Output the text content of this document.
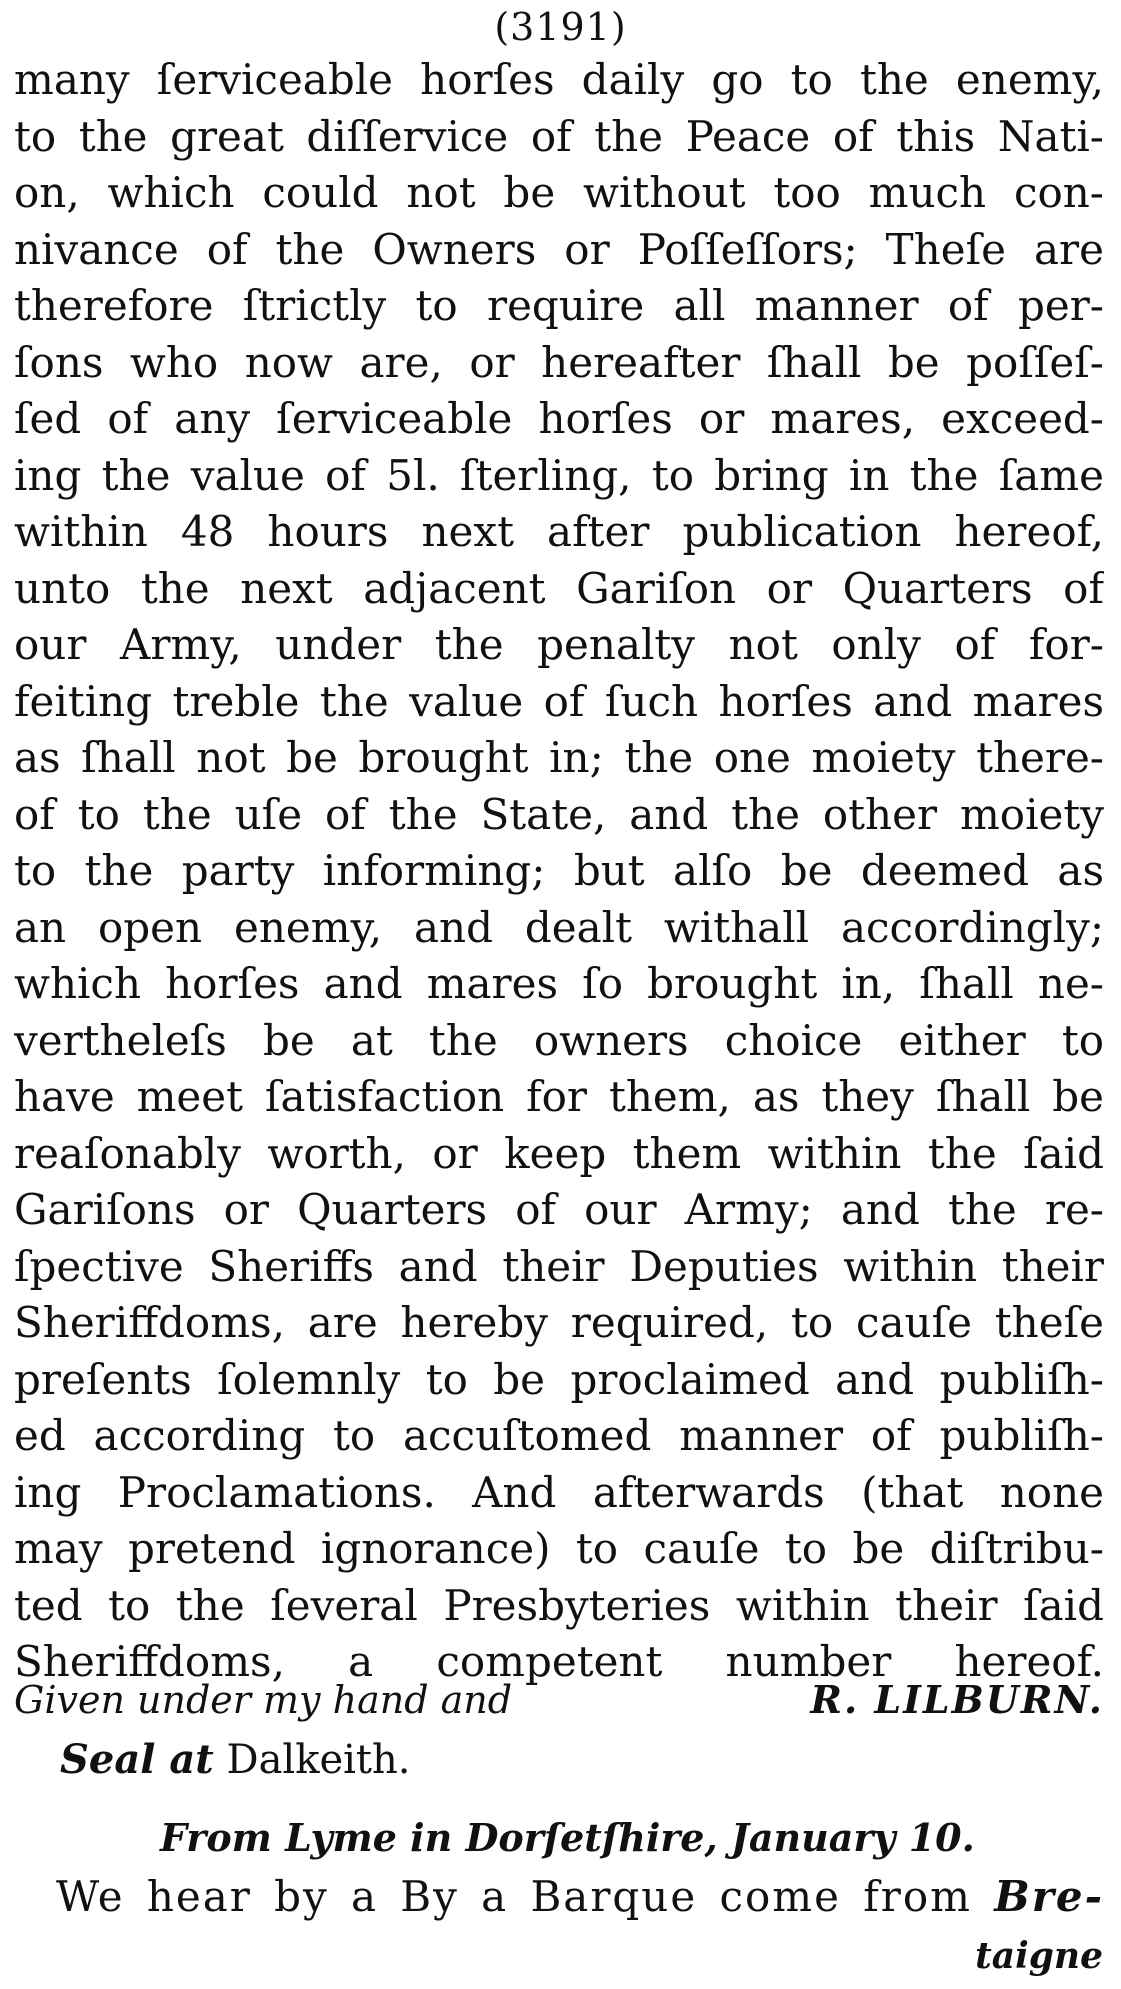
(3191)
many ſerviceable horſes daily go to the enemy,
to the great diſſervice of the Peace of this Nati-
on, which could not be without too much con-
nivance of the Owners or Poſſeſſors; Theſe are
therefore ſtrictly to require all manner of per-
ſons who now are, or hereafter ſhall be poſſeſ-
ſed of any ſerviceable horſes or mares, exceed-
ing the value of 5l. ſterling, to bring in the ſame
within 48 hours next after publication hereof,
unto the next adjacent Gariſon or Quarters of
our Army, under the penalty not only of for-
feiting treble the value of ſuch horſes and mares
as ſhall not be brought in; the one moiety there-
of to the uſe of the State, and the other moiety
to the party informing; but alſo be deemed as
an open enemy, and dealt withall accordingly;
which horſes and mares ſo brought in, ſhall ne-
vertheleſs be at the owners choice either to
have meet ſatisfaction for them, as they ſhall be
reaſonably worth, or keep them within the ſaid
Gariſons or Quarters of our Army; and the re-
ſpective Sheriffs and their Deputies within their
Sheriffdoms, are hereby required, to cauſe theſe
preſents ſolemnly to be proclaimed and publiſh-
ed according to accuſtomed manner of publiſh-
ing Proclamations. And afterwards (that none
may pretend ignorance) to cauſe to be diſtribu-
ted to the ſeveral Presbyteries within their ſaid
Sheriffdoms, a competent number hereof.
Given under my hand and	R. LILBURN.
Seal at Dalkeith.
From Lyme in Dorſetſhire, January 10.
We hear by a By a Barque come from Bre-
taigne
